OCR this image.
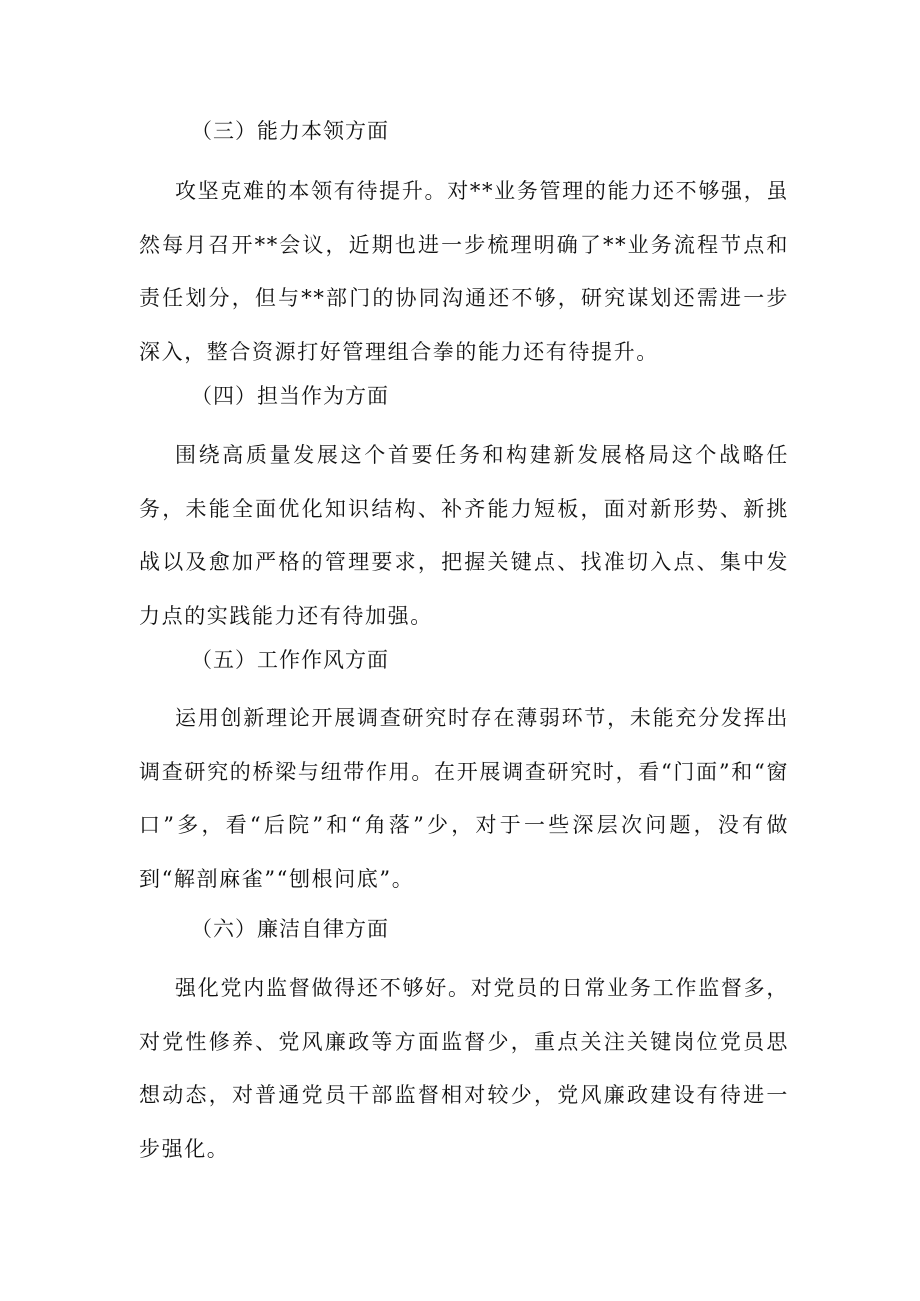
（三）能力本领方面
攻坚克难的本领有待提升。对**业务管理的能力还不够强，虽然每月召开**会议，近期也进一步梳理明确了**业务流程节点和责任划分，但与**部门的协同沟通还不够，研究谋划还需进一步深入，整合资源打好管理组合拳的能力还有待提升。
（四）担当作为方面
围绕高质量发展这个首要任务和构建新发展格局这个战略任务，未能全面优化知识结构、补齐能力短板，面对新形势、新挑战以及愈加严格的管理要求，把握关键点、找准切入点、集中发力点的实践能力还有待加强。
（五）工作作风方面
运用创新理论开展调查研究时存在薄弱环节，未能充分发挥出调查研究的桥梁与纽带作用。在开展调查研究时，看“门面”和“窗口”多，看“后院”和“角落”少，对于一些深层次问题，没有做到“解剖麻雀”“刨根问底”。
（六）廉洁自律方面
强化党内监督做得还不够好。对党员的日常业务工作监督多，对党性修养、党风廉政等方面监督少，重点关注关键岗位党员思想动态，对普通党员干部监督相对较少，党风廉政建设有待进一步强化。
